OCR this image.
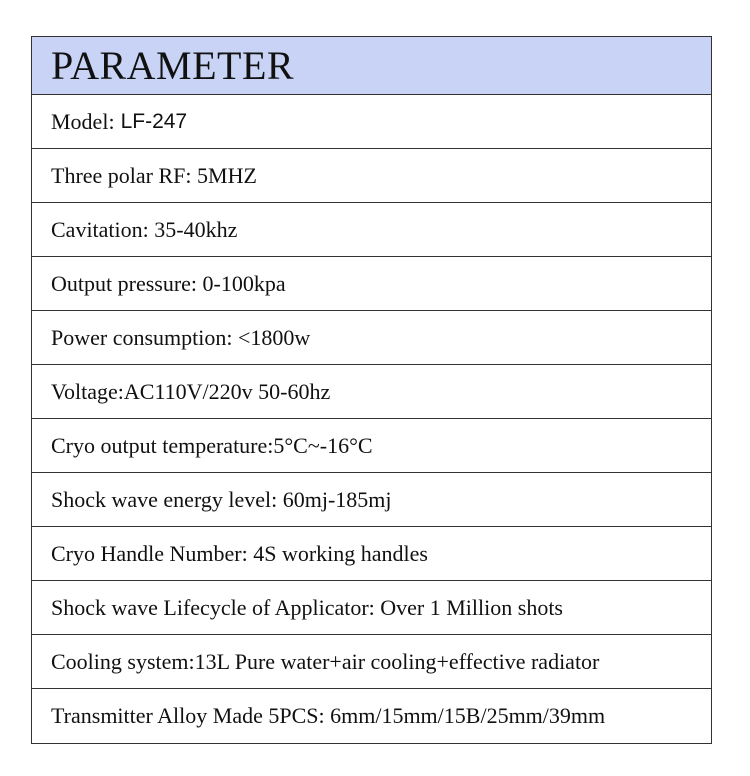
PARAMETER
Model: LF-247
Three polar RF: 5MHZ
Cavitation: 35-40khz
Output pressure: 0-100kpa
Power consumption: <1800w
Voltage:AC110V/220v 50-60hz
Cryo output temperature:5°C~-16°C
Shock wave energy level: 60mj-185mj
Cryo Handle Number: 4S working handles
Shock wave Lifecycle of Applicator: Over 1 Million shots
Cooling system:13L Pure water+air cooling+effective radiator
Transmitter Alloy Made 5PCS: 6mm/15mm/15B/25mm/39mm
